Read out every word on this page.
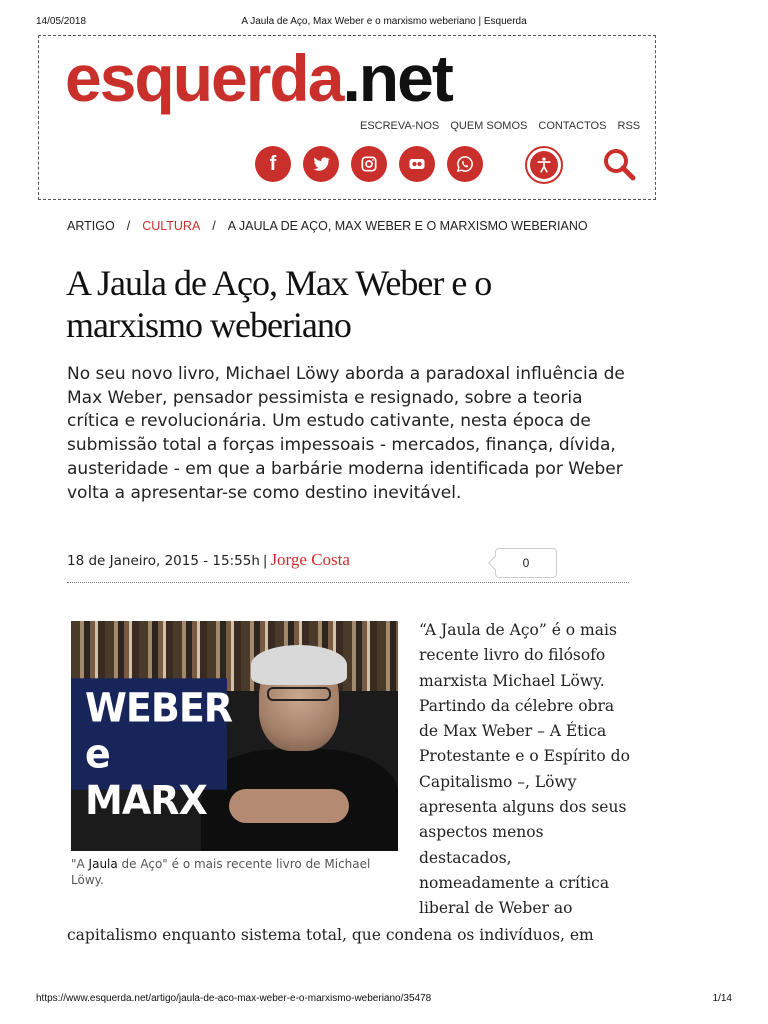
14/05/2018	A Jaula de Aço, Max Weber e o marxismo weberiano | Esquerda
esquerda.net
ESCREVA-NOS QUEM SOMOS CONTACTOS RSS
f
ARTIGO / CULTURA / A JAULA DE AÇO, MAX WEBER E O MARXISMO WEBERIANO
A Jaula de Aço, Max Weber e o marxismo weberiano

No seu novo livro, Michael Löwy aborda a paradoxal influência de Max Weber, pensador pessimista e resignado, sobre a teoria crítica e revolucionária. Um estudo cativante, nesta época de submissão total a forças impessoais - mercados, finança, dívida, austeridade - em que a barbárie moderna identificada por Weber volta a apresentar-se como destino inevitável.

18 de Janeiro, 2015 - 15:55h | Jorge Costa	0
WEBER
e MARX

"A Jaula de Aço" é o mais recente livro de Michael Löwy.

“A Jaula de Aço” é o mais recente livro do filósofo marxista Michael Löwy. Partindo da célebre obra de Max Weber – A Ética Protestante e o Espírito do Capitalismo –, Löwy apresenta alguns dos seus aspectos menos destacados, nomeadamente a crítica liberal de Weber ao

capitalismo enquanto sistema total, que condena os indivíduos, em

https://www.esquerda.net/artigo/jaula-de-aco-max-weber-e-o-marxismo-weberiano/35478	1/14
